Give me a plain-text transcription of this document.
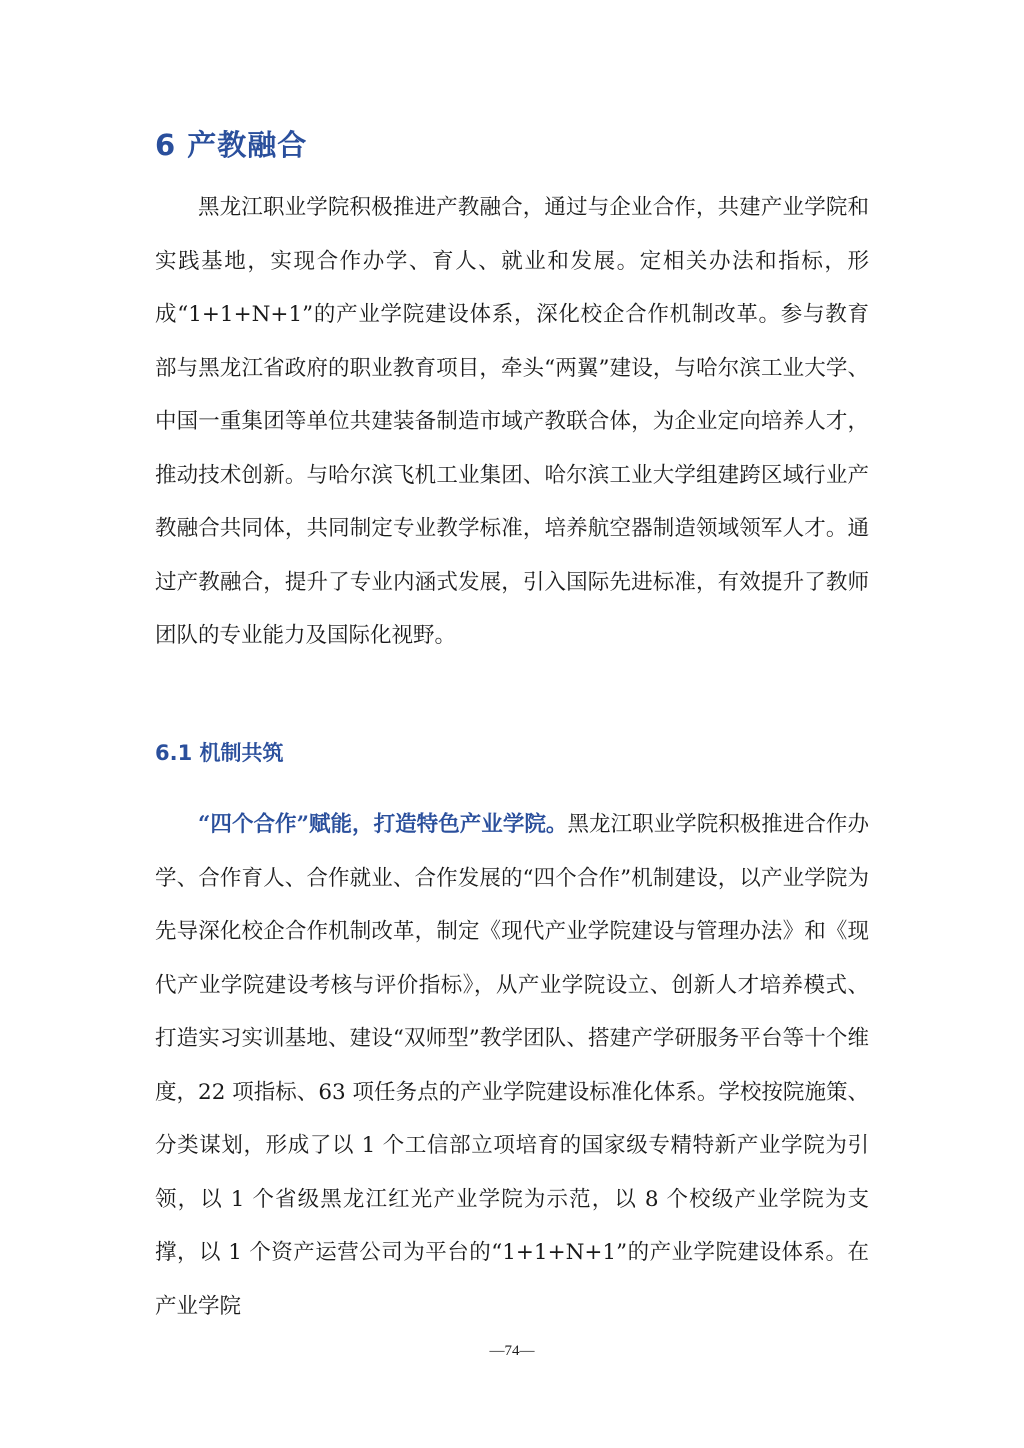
6 产教融合

黑龙江职业学院积极推进产教融合，通过与企业合作，共建产业学院和实践基地，实现合作办学、育人、就业和发展。定相关办法和指标，形成“1+1+N+1”的产业学院建设体系，深化校企合作机制改革。参与教育部与黑龙江省政府的职业教育项目，牵头“两翼”建设，与哈尔滨工业大学、中国一重集团等单位共建装备制造市域产教联合体，为企业定向培养人才，推动技术创新。与哈尔滨飞机工业集团、哈尔滨工业大学组建跨区域行业产教融合共同体，共同制定专业教学标准，培养航空器制造领域领军人才。通过产教融合，提升了专业内涵式发展，引入国际先进标准，有效提升了教师团队的专业能力及国际化视野。

6.1 机制共筑

“四个合作”赋能，打造特色产业学院。黑龙江职业学院积极推进合作办学、合作育人、合作就业、合作发展的“四个合作”机制建设，以产业学院为先导深化校企合作机制改革，制定《现代产业学院建设与管理办法》和《现代产业学院建设考核与评价指标》，从产业学院设立、创新人才培养模式、打造实习实训基地、建设“双师型”教学团队、搭建产学研服务平台等十个维度，22 项指标、63 项任务点的产业学院建设标准化体系。学校按院施策、分类谋划，形成了以 1 个工信部立项培育的国家级专精特新产业学院为引领，以 1 个省级黑龙江红光产业学院为示范，以 8 个校级产业学院为支撑，以 1 个资产运营公司为平台的“1+1+N+1”的产业学院建设体系。在产业学院

—74—
